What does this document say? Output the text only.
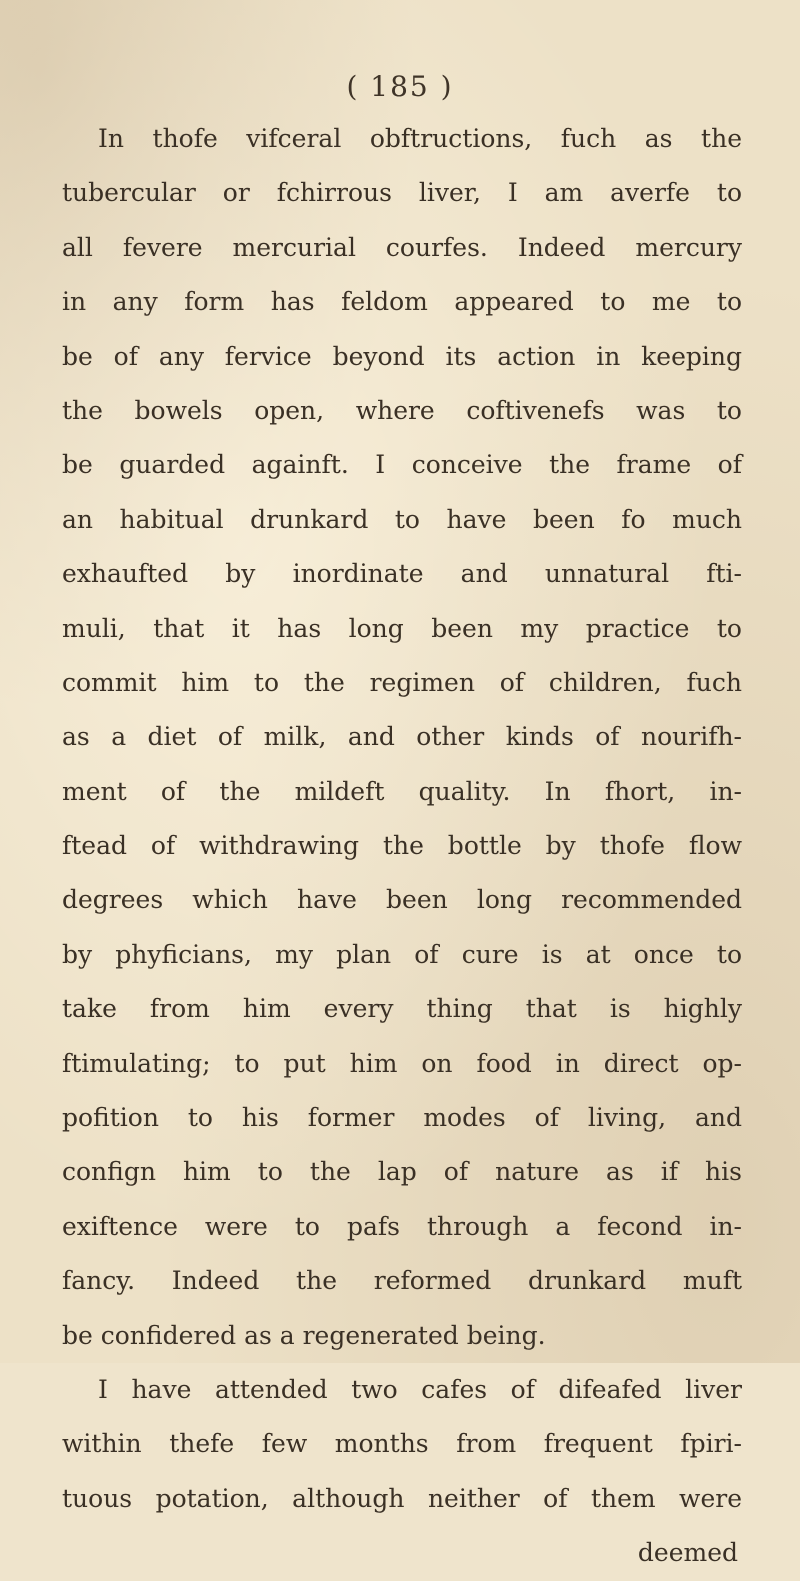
( 185 )
In thofe vifceral obftructions, fuch as the
tubercular or fchirrous liver, I am averfe to
all fevere mercurial courfes. Indeed mercury
in any form has feldom appeared to me to
be of any fervice beyond its action in keeping
the bowels open, where coftivenefs was to
be guarded againft. I conceive the frame of
an habitual drunkard to have been fo much
exhaufted by inordinate and unnatural fti-
muli, that it has long been my practice to
commit him to the regimen of children, fuch
as a diet of milk, and other kinds of nourifh-
ment of the mildeft quality. In fhort, in-
ftead of withdrawing the bottle by thofe flow
degrees which have been long recommended
by phyficians, my plan of cure is at once to
take from him every thing that is highly
ftimulating; to put him on food in direct op-
pofition to his former modes of living, and
confign him to the lap of nature as if his
exiftence were to pafs through a fecond in-
fancy. Indeed the reformed drunkard muft
be confidered as a regenerated being.
I have attended two cafes of difeafed liver
within thefe few months from frequent fpiri-
tuous potation, although neither of them were
deemed
